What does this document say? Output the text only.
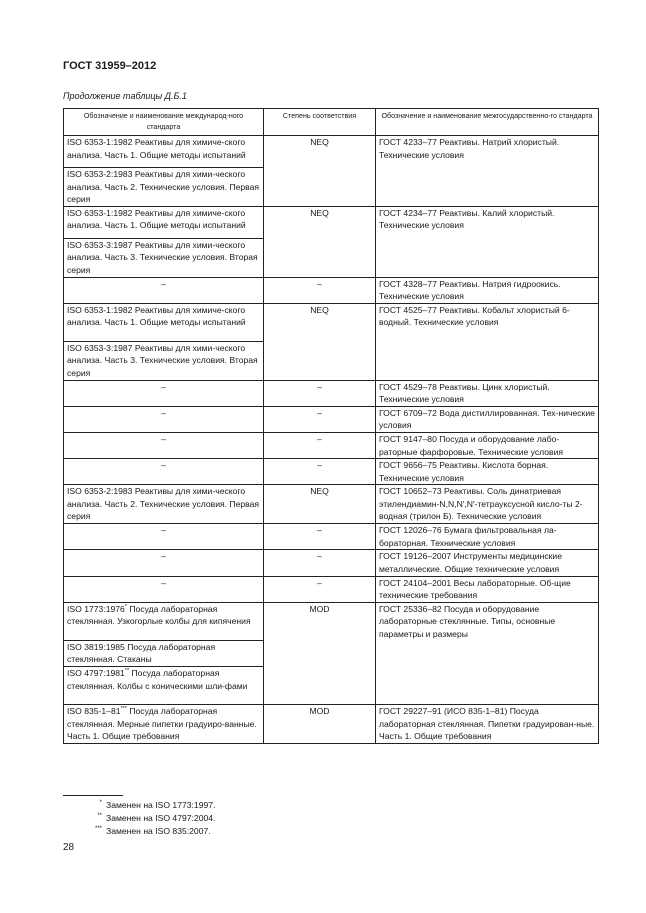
ГОСТ 31959–2012
Продолжение таблицы Д.Б.1
Обозначение и наименование международ-ного стандарта	Степень соответствия	Обозначение и наименование межгосударственно-го стандарта
ISO 6353-1:1982 Реактивы для химиче-ского анализа. Часть 1. Общие методы испытаний	NEQ	ГОСТ 4233–77 Реактивы. Натрий хлористый. Технические условия
ISO 6353-2:1983 Реактивы для хими-ческого анализа. Часть 2. Технические условия. Первая серия		
ISO 6353-1:1982 Реактивы для химиче-ского анализа. Часть 1. Общие методы испытаний	NEQ	ГОСТ 4234–77 Реактивы. Калий хлористый. Технические условия
ISO 6353-3:1987 Реактивы для хими-ческого анализа. Часть 3. Технические условия. Вторая серия		
–	–	ГОСТ 4328–77 Реактивы. Натрия гидроокись. Технические условия
ISO 6353-1:1982 Реактивы для химиче-ского анализа. Часть 1. Общие методы испытаний	NEQ	ГОСТ 4525–77 Реактивы. Кобальт хлористый 6-водный. Технические условия
ISO 6353-3:1987 Реактивы для хими-ческого анализа. Часть 3. Технические условия. Вторая серия		
–	–	ГОСТ 4529–78 Реактивы. Цинк хлористый. Технические условия
–	–	ГОСТ 6709–72 Вода дистиллированная. Тех-нические условия
–	–	ГОСТ 9147–80 Посуда и оборудование лабо-раторные фарфоровые. Технические условия
–	–	ГОСТ 9656–75 Реактивы. Кислота борная. Технические условия
ISO 6353-2:1983 Реактивы для хими-ческого анализа. Часть 2. Технические условия. Первая серия	NEQ	ГОСТ 10652–73 Реактивы. Соль динатриевая этилендиамин-N,N,N′,N′-тетрауксусной кисло-ты 2-водная (трилон Б). Технические условия
–	–	ГОСТ 12026–76 Бумага фильтровальная ла-бораторная. Технические условия
–	–	ГОСТ 19126–2007 Инструменты медицинские металлические. Общие технические условия
–	–	ГОСТ 24104–2001 Весы лабораторные. Об-щие технические требования
ISO 1773:1976* Посуда лабораторная стеклянная. Узкогорлые колбы для кипячения	MOD	ГОСТ 25336–82 Посуда и оборудование лабораторные стеклянные. Типы, основные параметры и размеры
ISO 3819:1985 Посуда лабораторная стеклянная. Стаканы		
ISO 4797:1981** Посуда лабораторная стеклянная. Колбы с коническими шли-фами		
ISO 835-1–81*** Посуда лабораторная стеклянная. Мерные пипетки градуиро-ванные. Часть 1. Общие требования	MOD	ГОСТ 29227–91 (ИСО 835-1–81) Посуда лабораторная стеклянная. Пипетки градуирован-ные. Часть 1. Общие требования
* Заменен на ISO 1773:1997.
** Заменен на ISO 4797:2004.
*** Заменен на ISO 835:2007.
28
